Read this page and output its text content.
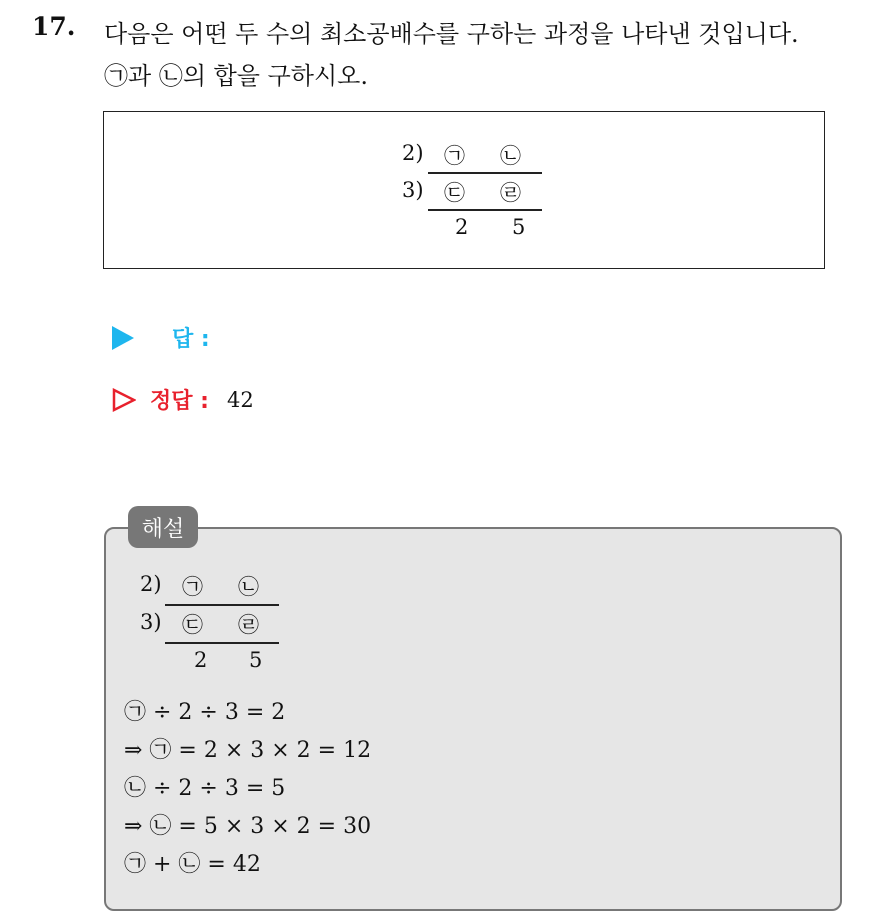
17. 다음은 어떤 두 수의 최소공배수를 구하는 과정을 나타낸 것입니다.
㉠과 ㉡의 합을 구하시오.
2) ㉠ ㉡
3) ㉢ ㉣
2 5
답 :
정답 : 42
해설
2) ㉠ ㉡
3) ㉢ ㉣
2 5
㉠ ÷ 2 ÷ 3 = 2
⇒ ㉠ = 2 × 3 × 2 = 12
㉡ ÷ 2 ÷ 3 = 5
⇒ ㉡ = 5 × 3 × 2 = 30
㉠ + ㉡ = 42
